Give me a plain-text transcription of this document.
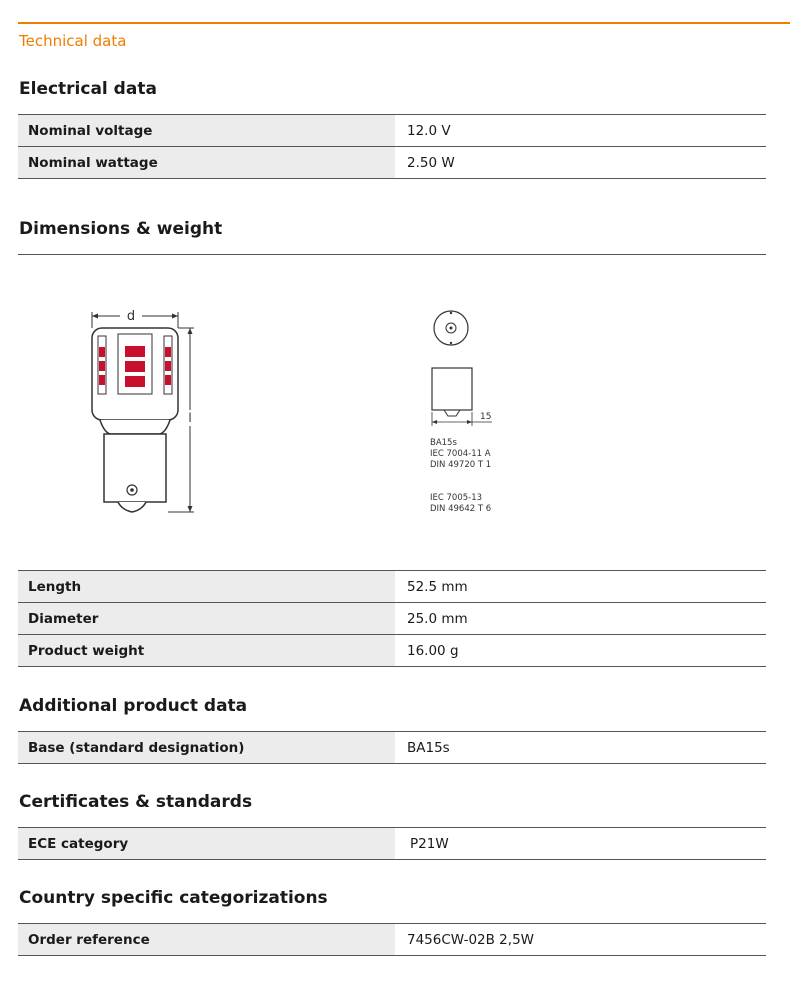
Technical data
Electrical data
Nominal voltage	12.0 V
Nominal wattage	2.50 W
Dimensions & weight
d
l	15
BA15s
IEC 7004-11 A
DIN 49720 T 1
IEC 7005-13
DIN 49642 T 6
Length	52.5 mm
Diameter	25.0 mm
Product weight	16.00 g
Additional product data
Base (standard designation)	BA15s
Certificates & standards
ECE category	P21W
Country specific categorizations
Order reference	7456CW-02B 2,5W
